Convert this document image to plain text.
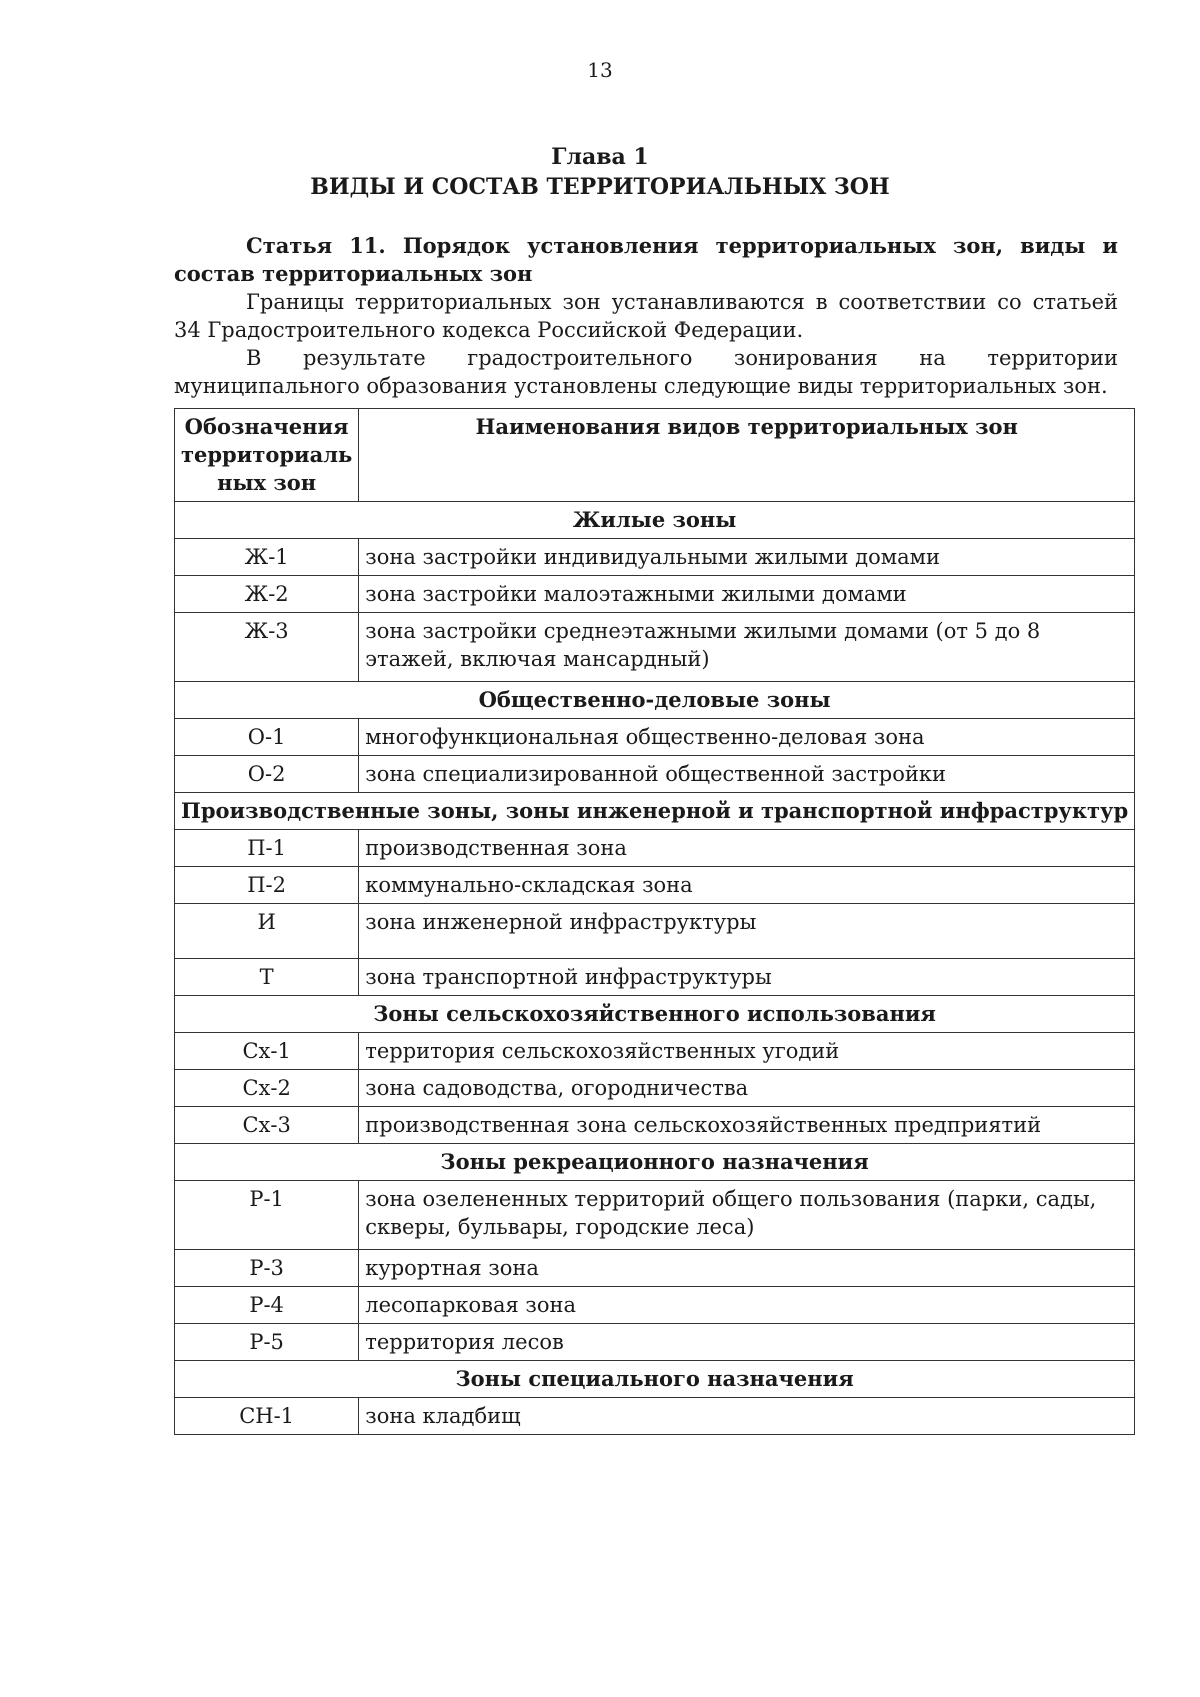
13
Глава 1
ВИДЫ И СОСТАВ ТЕРРИТОРИАЛЬНЫХ ЗОН

Статья 11. Порядок установления территориальных зон, виды и состав территориальных зон

Границы территориальных зон устанавливаются в соответствии со статьей 34 Градостроительного кодекса Российской Федерации.

В результате градостроительного зонирования на территории

муниципального образования установлены следующие виды территориальных зон.

Обозначения территориаль ных зон	Наименования видов территориальных зон
Жилые зоны	
Ж-1	зона застройки индивидуальными жилыми домами
Ж-2	зона застройки малоэтажными жилыми домами
Ж-3	зона застройки среднеэтажными жилыми домами (от 5 до 8 этажей, включая мансардный)
Общественно-деловые зоны	
О-1	многофункциональная общественно-деловая зона
О-2	зона специализированной общественной застройки
Производственные зоны, зоны инженерной и транспортной инфраструктур	
П-1	производственная зона
П-2	коммунально-складская зона
И	зона инженерной инфраструктуры
Т	зона транспортной инфраструктуры
Зоны сельскохозяйственного использования	
Сх-1	территория сельскохозяйственных угодий
Сх-2	зона садоводства, огородничества
Сх-3	производственная зона сельскохозяйственных предприятий
Зоны рекреационного назначения	
Р-1	зона озелененных территорий общего пользования (парки, сады, скверы, бульвары, городские леса)
Р-3	курортная зона
Р-4	лесопарковая зона
Р-5	территория лесов
Зоны специального назначения	
СН-1	зона кладбищ
